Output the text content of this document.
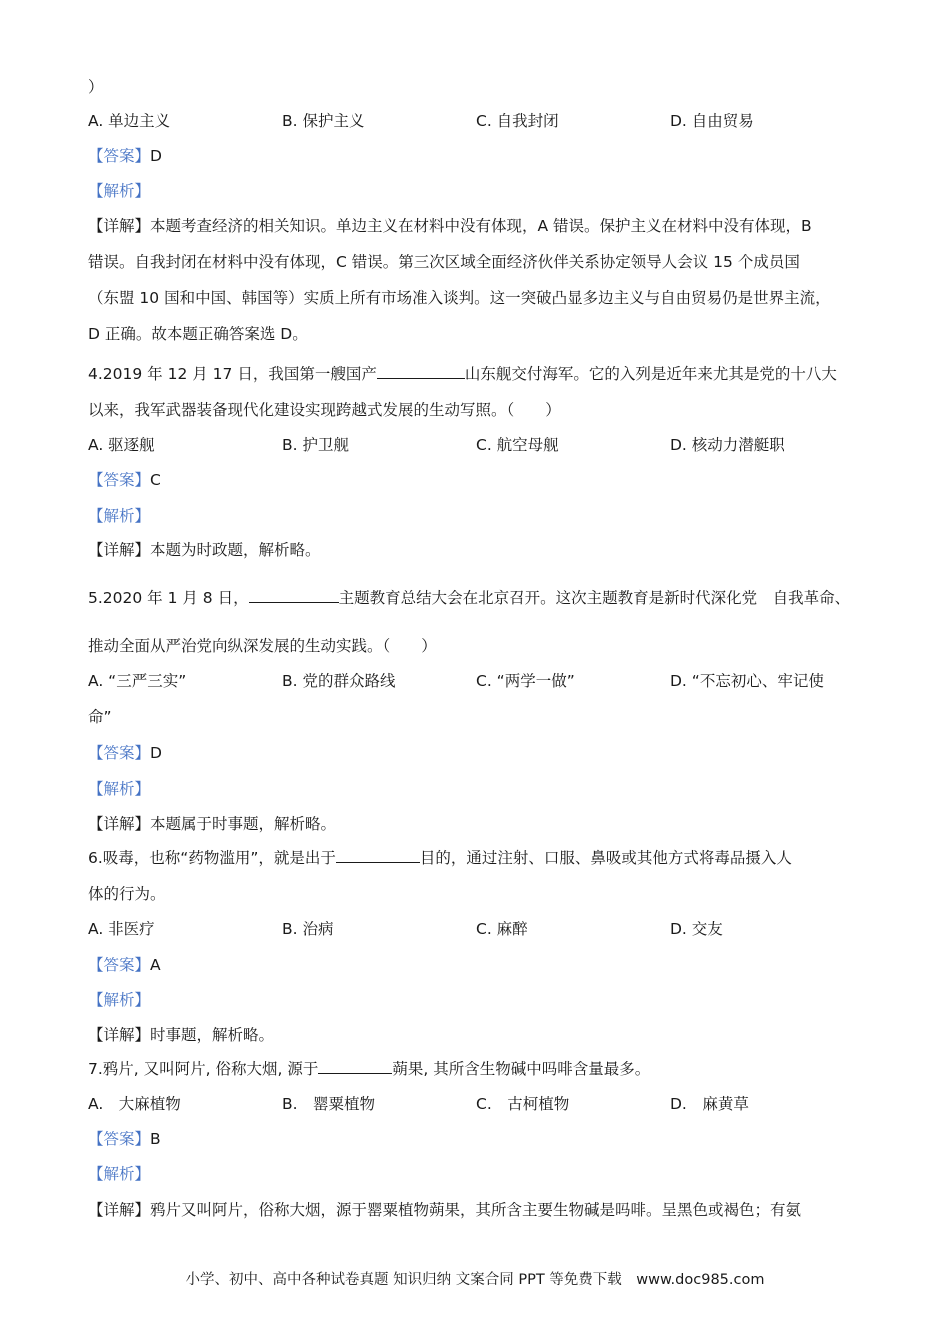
）
A. 单边主义	B. 保护主义	C. 自我封闭	D. 自由贸易
【答案】D
【解析】
【详解】本题考查经济的相关知识。单边主义在材料中没有体现，A 错误。保护主义在材料中没有体现，B
错误。自我封闭在材料中没有体现，C 错误。第三次区域全面经济伙伴关系协定领导人会议 15 个成员国
（东盟 10 国和中国、韩国等）实质上所有市场准入谈判。这一突破凸显多边主义与自由贸易仍是世界主流，
D 正确。故本题正确答案选 D。
4.2019 年 12 月 17 日，我国第一艘国产	山东舰交付海军。它的入列是近年来尤其是党的十八大
以来，我军武器装备现代化建设实现跨越式发展的生动写照。（　　）
A. 驱逐舰	B. 护卫舰	C. 航空母舰	D. 核动力潜艇职
【答案】C
【解析】
【详解】本题为时政题，解析略。
5.2020 年 1 月 8 日，	主题教育总结大会在北京召开。这次主题教育是新时代深化党　自我革命、
推动全面从严治党向纵深发展的生动实践。（　　）
A. “三严三实”	B. 党的群众路线	C. “两学一做”	D. “不忘初心、牢记使
命”
【答案】D
【解析】
【详解】本题属于时事题，解析略。
6.吸毒，也称“药物滥用”，就是出于	目的，通过注射、口服、鼻吸或其他方式将毒品摄入人
体的行为。
A. 非医疗	B. 治病	C. 麻醉	D. 交友
【答案】A
【解析】
【详解】时事题，解析略。
7.鸦片, 又叫阿片, 俗称大烟, 源于	蒴果, 其所含生物碱中吗啡含量最多。
A.　大麻植物	B.　罂粟植物	C.　古柯植物	D.　麻黄草
【答案】B
【解析】
【详解】鸦片又叫阿片，俗称大烟，源于罂粟植物蒴果，其所含主要生物碱是吗啡。呈黑色或褐色；有氨
小学、初中、高中各种试卷真题 知识归纳 文案合同 PPT 等免费下载　www.doc985.com
